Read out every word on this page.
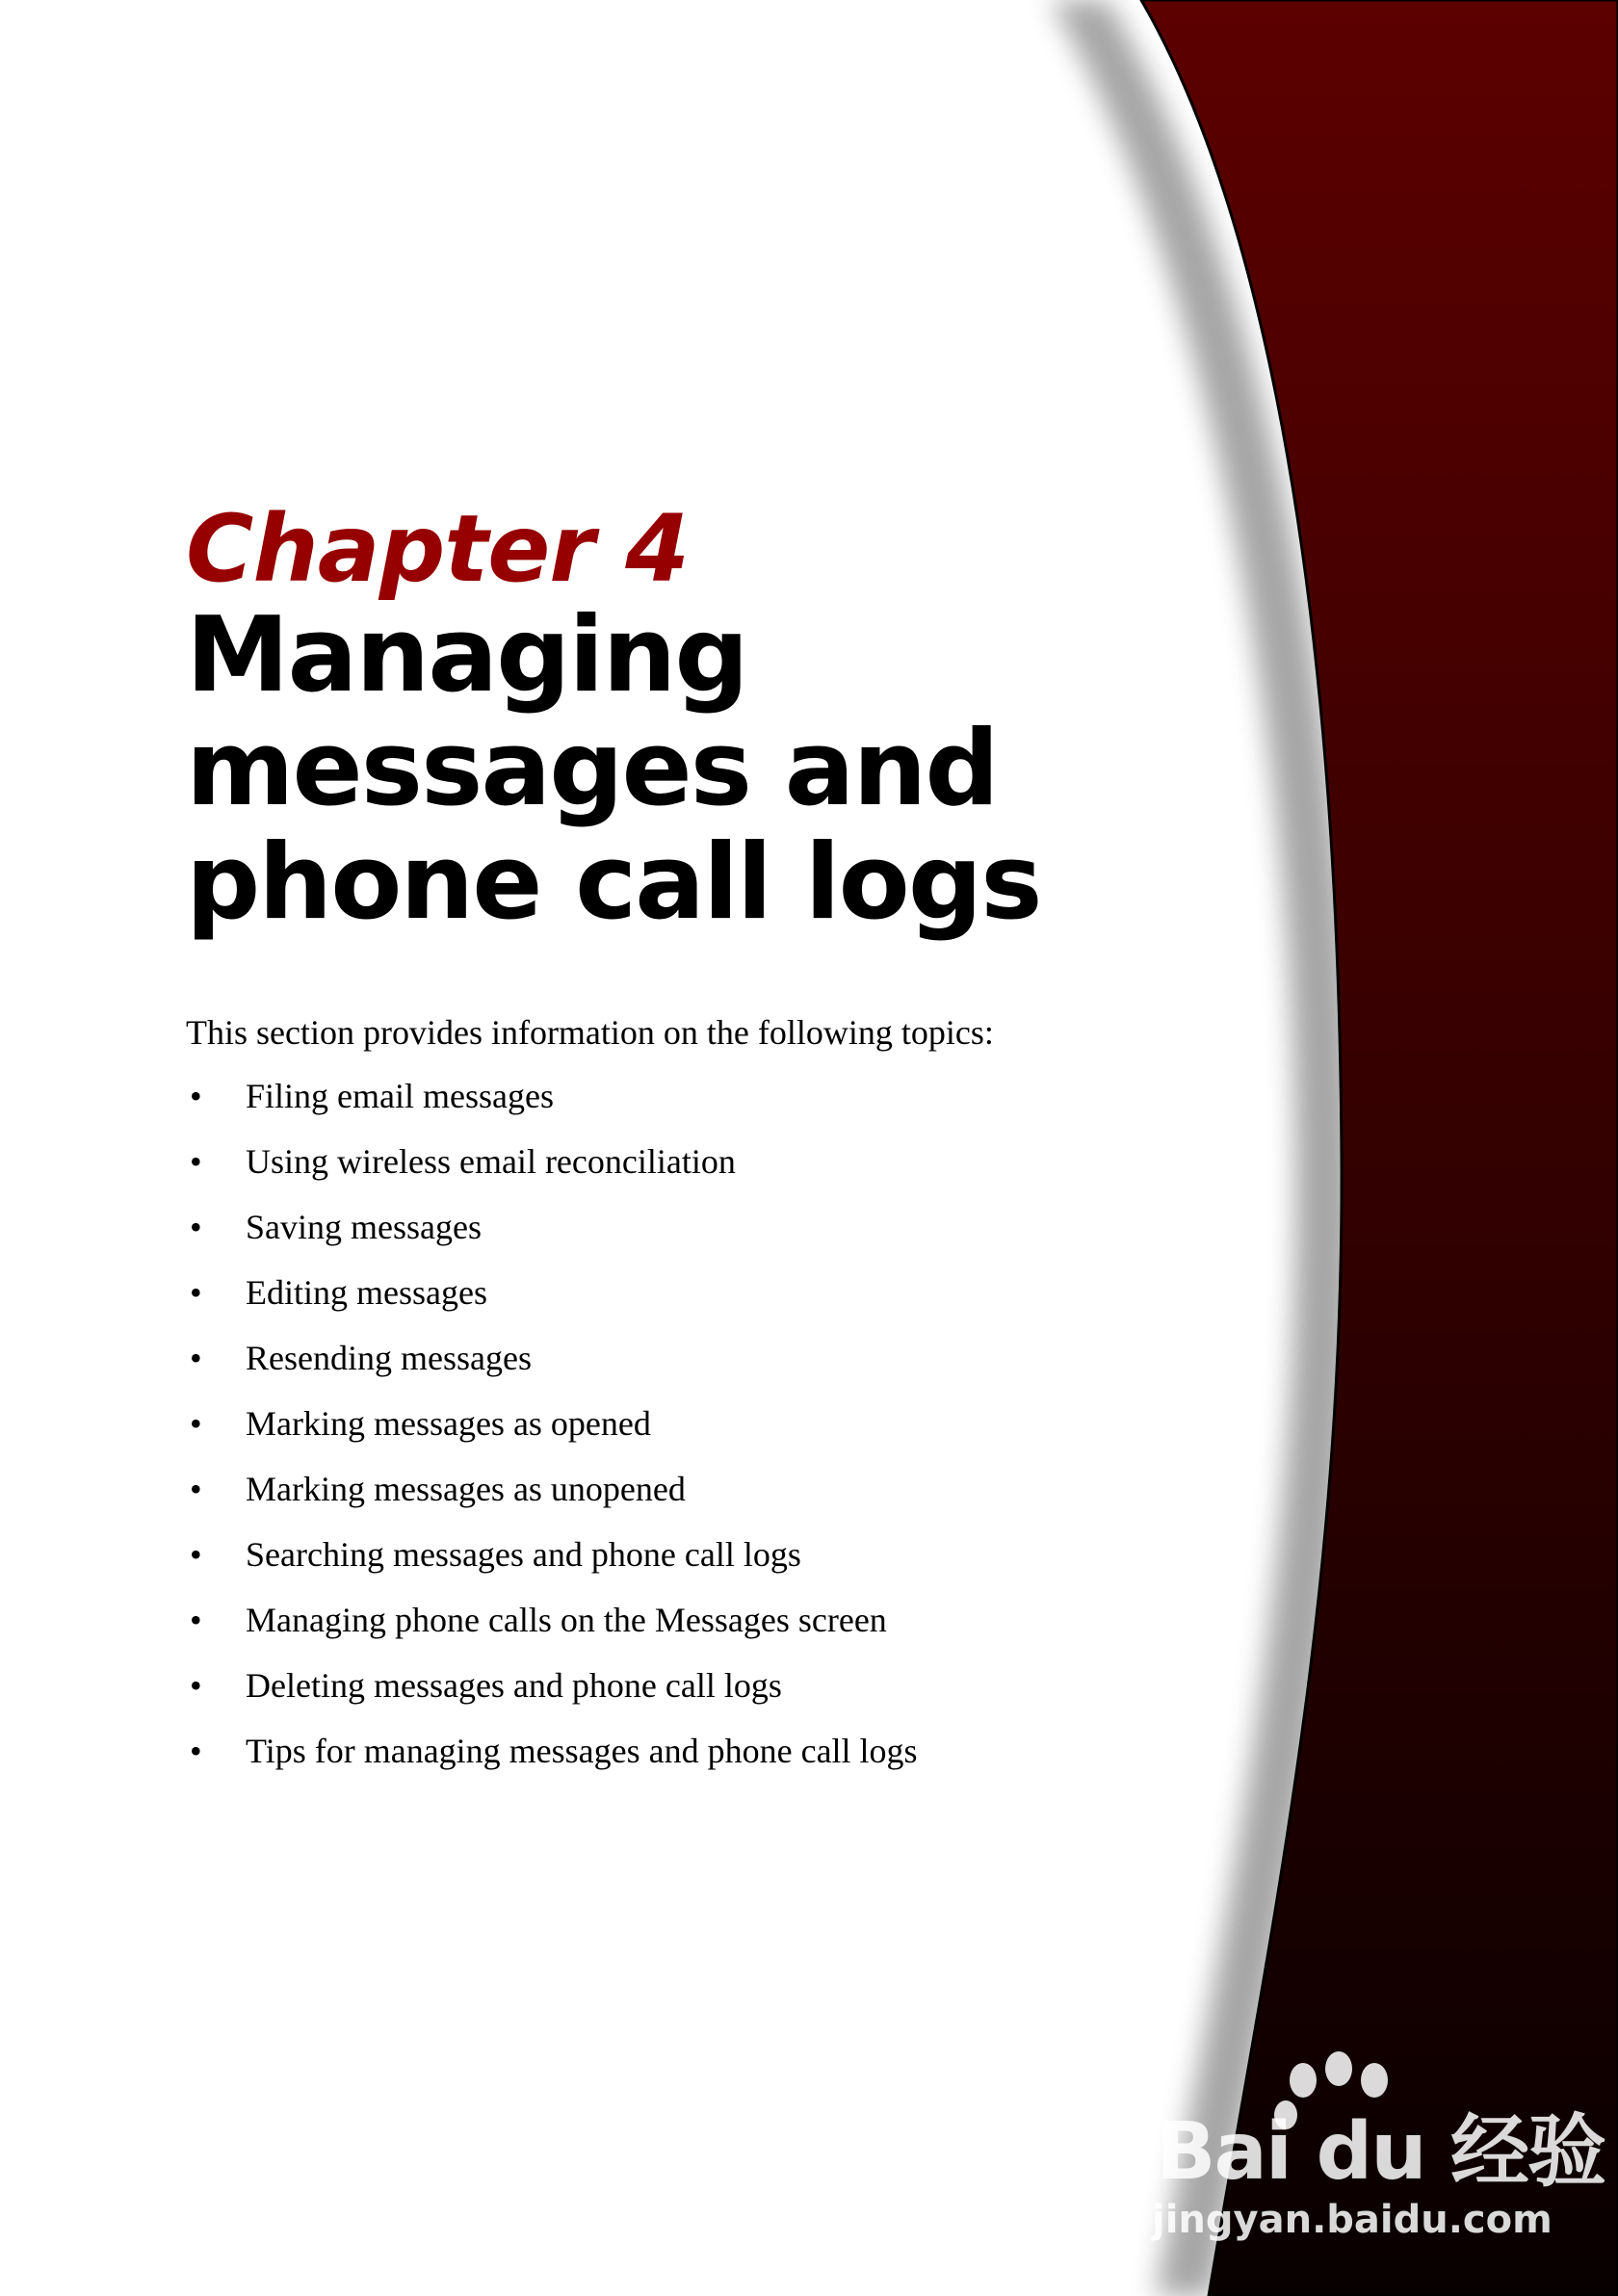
Chapter 4
Managing
messages and
phone call logs

This section provides information on the following topics:

• Filing email messages
• Using wireless email reconciliation
• Saving messages
• Editing messages
• Resending messages
• Marking messages as opened
• Marking messages as unopened
• Searching messages and phone call logs
• Managing phone calls on the Messages screen
• Deleting messages and phone call logs
• Tips for managing messages and phone call logs
Bai du 经验
jingyan.baidu.com
